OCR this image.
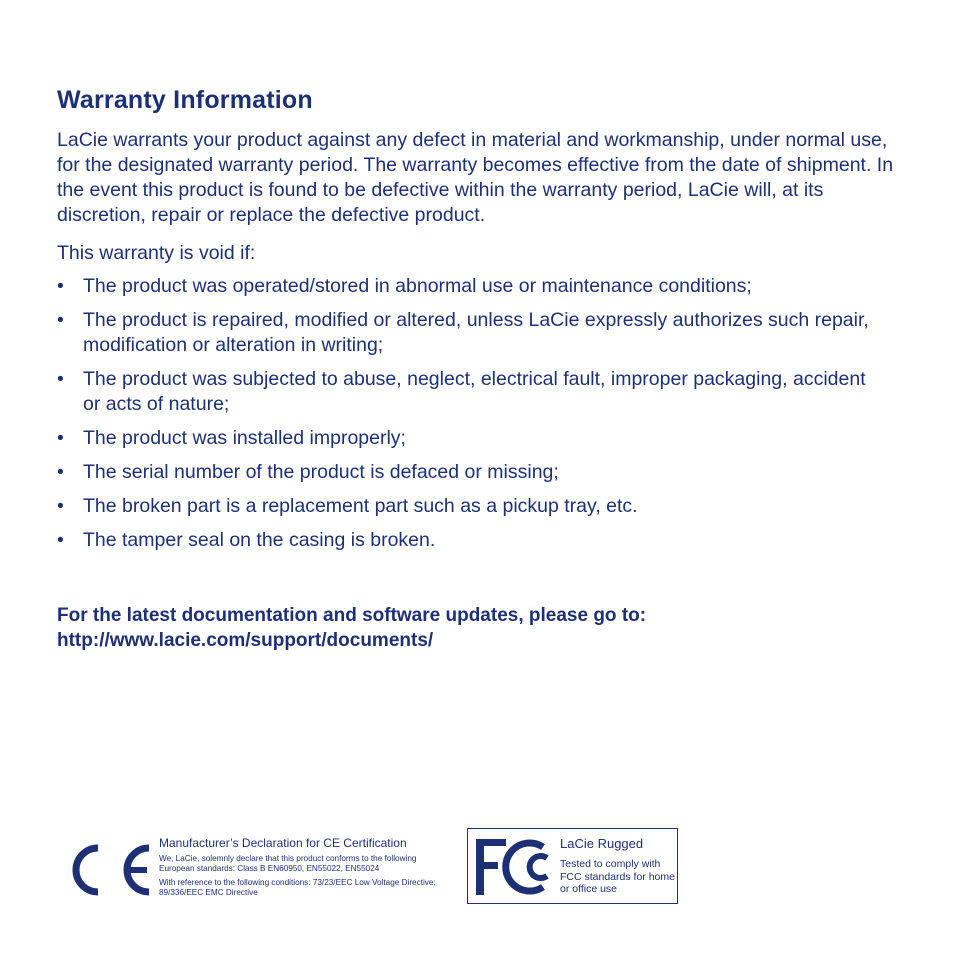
Warranty Information
LaCie warrants your product against any defect in material and workmanship, under normal use, for the designated warranty period. The warranty becomes effective from the date of shipment. In the event this product is found to be defective within the warranty period, LaCie will, at its discretion, repair or replace the defective product.
This warranty is void if:
• The product was operated/stored in abnormal use or maintenance conditions;
• The product is repaired, modified or altered, unless LaCie expressly authorizes such repair, modification or alteration in writing;
• The product was subjected to abuse, neglect, electrical fault, improper packaging, accident or acts of nature;
• The product was installed improperly;
• The serial number of the product is defaced or missing;
• The broken part is a replacement part such as a pickup tray, etc.
• The tamper seal on the casing is broken.
For the latest documentation and software updates, please go to:
http://www.lacie.com/support/documents/
Manufacturer’s Declaration for CE Certification
We, LaCie, solemnly declare that this product conforms to the following European standards: Class B EN60950, EN55022, EN55024
With reference to the following conditions: 73/23/EEC Low Voltage Directive; 89/336/EEC EMC Directive
LaCie Rugged
Tested to comply with FCC standards for home or office use
